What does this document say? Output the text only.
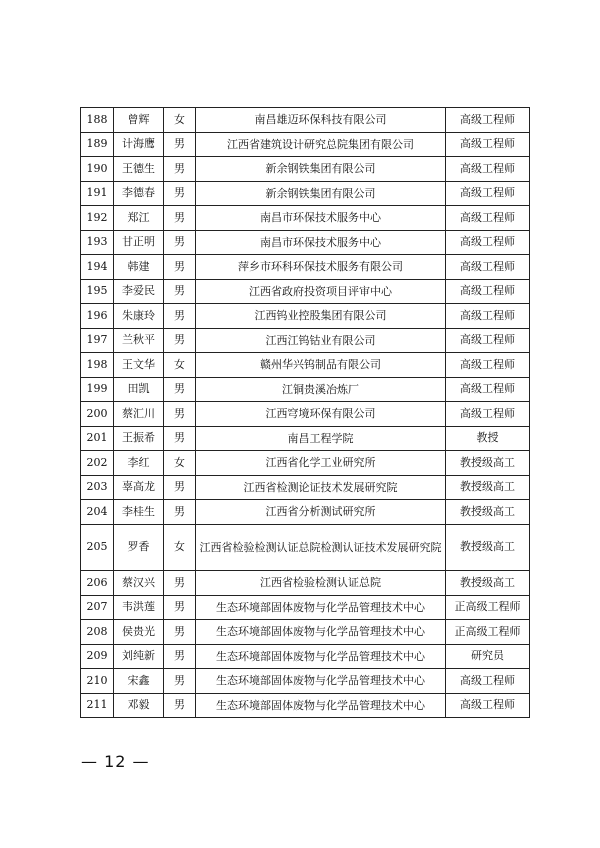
188	曾辉	女	南昌雄迈环保科技有限公司	高级工程师
189	计海鹰	男	江西省建筑设计研究总院集团有限公司	高级工程师
190	王德生	男	新余钢铁集团有限公司	高级工程师
191	李德春	男	新余钢铁集团有限公司	高级工程师
192	郑江	男	南昌市环保技术服务中心	高级工程师
193	甘正明	男	南昌市环保技术服务中心	高级工程师
194	韩建	男	萍乡市环科环保技术服务有限公司	高级工程师
195	李爱民	男	江西省政府投资项目评审中心	高级工程师
196	朱康玲	男	江西钨业控股集团有限公司	高级工程师
197	兰秋平	男	江西江钨钴业有限公司	高级工程师
198	王文华	女	赣州华兴钨制品有限公司	高级工程师
199	田凯	男	江铜贵溪冶炼厂	高级工程师
200	蔡汇川	男	江西穹境环保有限公司	高级工程师
201	王振希	男	南昌工程学院	教授
202	李红	女	江西省化学工业研究所	教授级高工
203	辜高龙	男	江西省检测论证技术发展研究院	教授级高工
204	李桂生	男	江西省分析测试研究所	教授级高工
205	罗香	女	江西省检验检测认证总院检测认证技术发展研究院	教授级高工
206	蔡汉兴	男	江西省检验检测认证总院	教授级高工
207	韦洪莲	男	生态环境部固体废物与化学品管理技术中心	正高级工程师
208	侯贵光	男	生态环境部固体废物与化学品管理技术中心	正高级工程师
209	刘纯新	男	生态环境部固体废物与化学品管理技术中心	研究员
210	宋鑫	男	生态环境部固体废物与化学品管理技术中心	高级工程师
211	邓毅	男	生态环境部固体废物与化学品管理技术中心	高级工程师
— 12 —
